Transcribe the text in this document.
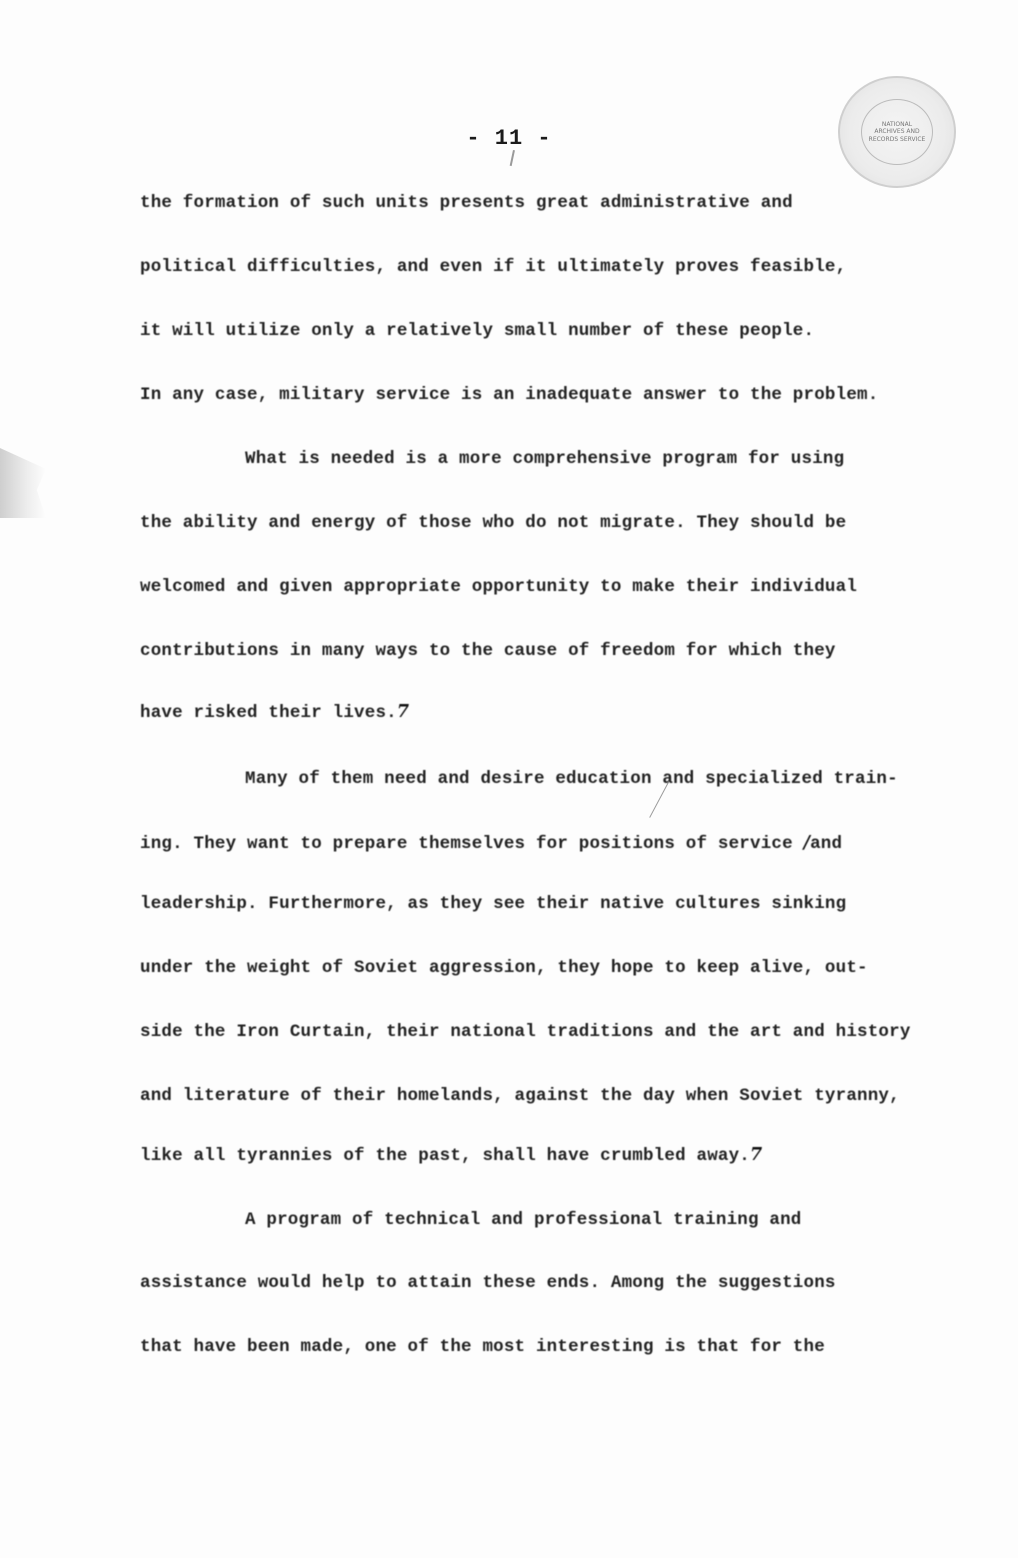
NATIONAL ARCHIVES AND RECORDS SERVICE
- 11 -
the formation of such units presents great administrative and
political difficulties, and even if it ultimately proves feasible,
it will utilize only a relatively small number of these people.
In any case, military service is an inadequate answer to the problem.
What is needed is a more comprehensive program for using
the ability and energy of those who do not migrate. They should be
welcomed and given appropriate opportunity to make their individual
contributions in many ways to the cause of freedom for which they
have risked their lives.7
Many of them need and desire education and specialized train-
ing. They want to prepare themselves for positions of service /and
leadership. Furthermore, as they see their native cultures sinking
under the weight of Soviet aggression, they hope to keep alive, out-
side the Iron Curtain, their national traditions and the art and history
and literature of their homelands, against the day when Soviet tyranny,
like all tyrannies of the past, shall have crumbled away.7
A program of technical and professional training and
assistance would help to attain these ends. Among the suggestions
that have been made, one of the most interesting is that for the
